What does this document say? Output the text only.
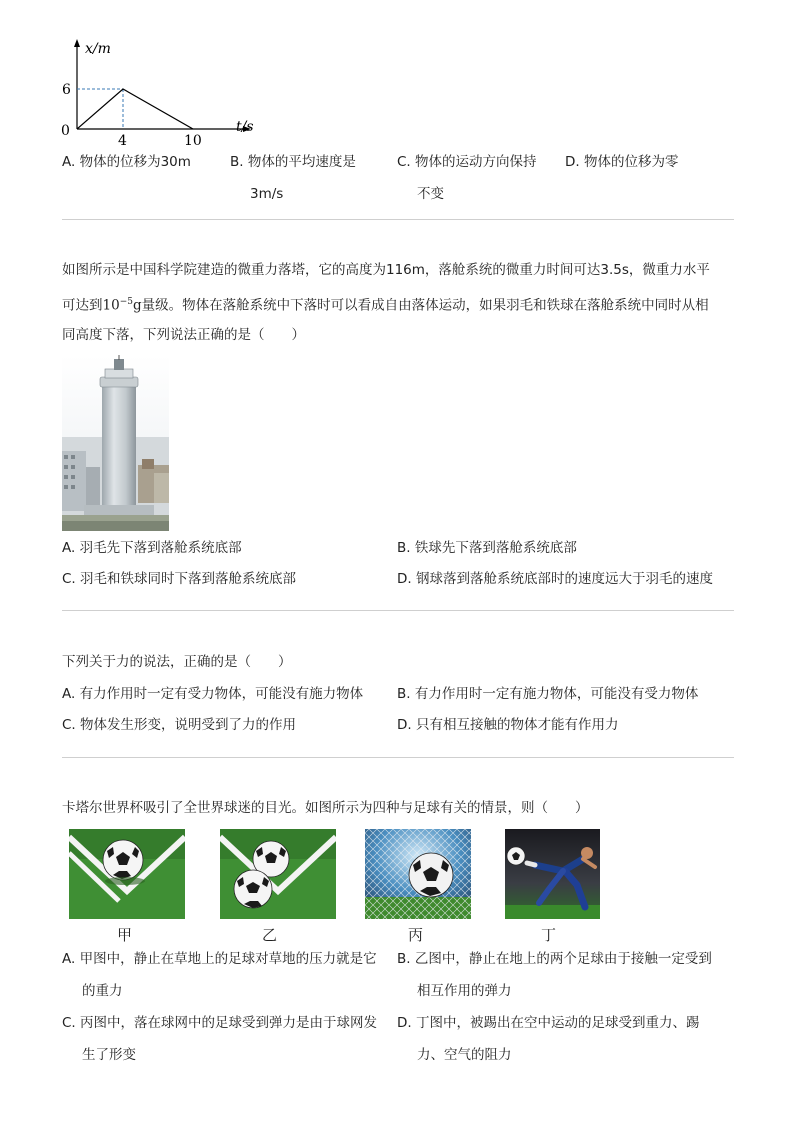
x/m
t/s
0
6
4	10
A. 物体的位移为30m	B. 物体的平均速度是
3m/s
C. 物体的运动方向保持
不变
D. 物体的位移为零
如图所示是中国科学院建造的微重力落塔，它的高度为116m，落舱系统的微重力时间可达3.5s，微重力水平
可达到$10^{-5}g$量级。物体在落舱系统中下落时可以看成自由落体运动，如果羽毛和铁球在落舱系统中同时从相
同高度下落，下列说法正确的是（　　）
A. 羽毛先下落到落舱系统底部	B. 铁球先下落到落舱系统底部
C. 羽毛和铁球同时下落到落舱系统底部	D. 钢球落到落舱系统底部时的速度远大于羽毛的速度
下列关于力的说法，正确的是（　　）
A. 有力作用时一定有受力物体，可能没有施力物体	B. 有力作用时一定有施力物体，可能没有受力物体
C. 物体发生形变，说明受到了力的作用	D. 只有相互接触的物体才能有作用力
卡塔尔世界杯吸引了全世界球迷的目光。如图所示为四种与足球有关的情景，则（　　）
甲	乙	丙	丁
A. 甲图中，静止在草地上的足球对草地的压力就是它
的重力
B. 乙图中，静止在地上的两个足球由于接触一定受到
相互作用的弹力
C. 丙图中，落在球网中的足球受到弹力是由于球网发
生了形变
D. 丁图中，被踢出在空中运动的足球受到重力、踢
力、空气的阻力
